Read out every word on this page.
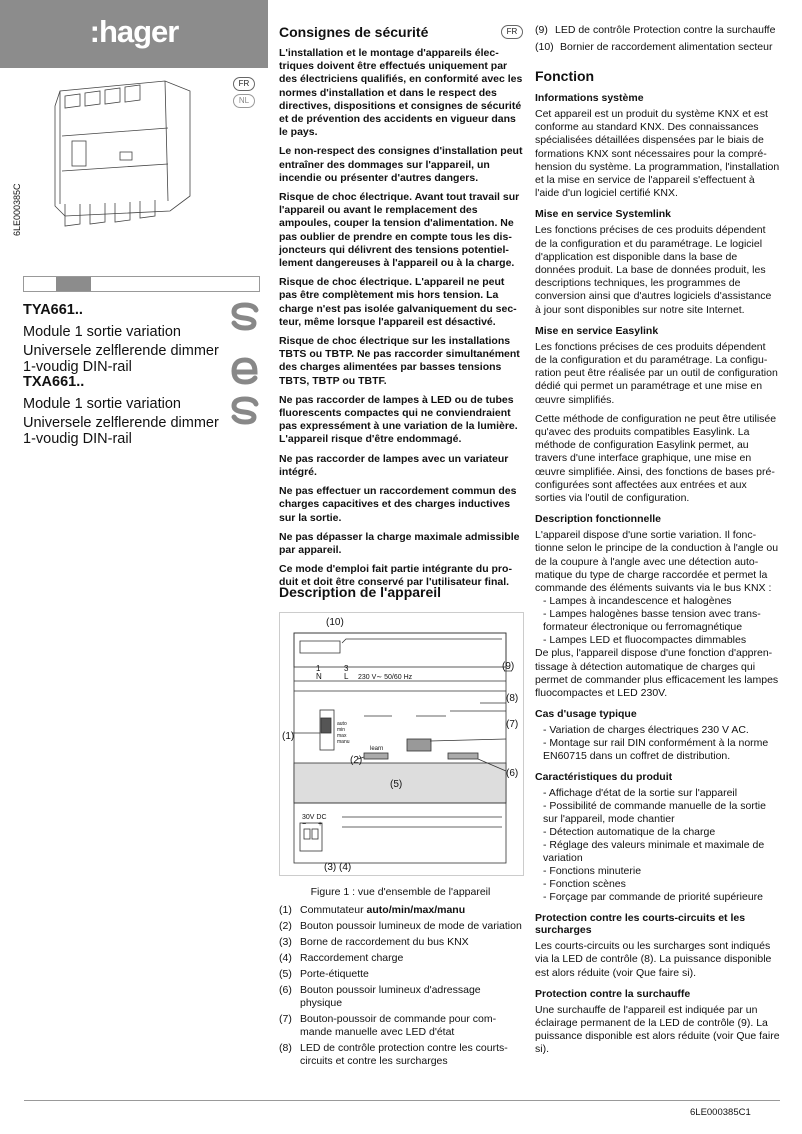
:hager
FR
NL
6LE000385C
TYA661..
Module 1 sortie variation
Universele zelflerende dimmer
1-voudig DIN-rail
TXA661..
Module 1 sortie variation
Universele zelflerende dimmer
1-voudig DIN-rail
Consignes de sécurité	FR

L'installation et le montage d'appareils électriques doivent être effectués uniquement par des électriciens qualifiés, en conformité avec les normes d'installation et dans le respect des directives, dispositions et consignes de sécurité et de prévention des accidents en vigueur dans le pays.

Le non-respect des consignes d'installation peut entraîner des dommages sur l'appareil, un incendie ou présenter d'autres dangers.

Risque de choc électrique. Avant tout travail sur l'appareil ou avant le remplacement des ampoules, couper la tension d'alimentation. Ne pas oublier de prendre en compte tous les disjoncteurs qui délivrent des tensions potentiellement dangereuses à l'appareil ou à la charge.

Risque de choc électrique. L'appareil ne peut pas être complètement mis hors tension. La charge n'est pas isolée galvaniquement du secteur, même lorsque l'appareil est désactivé.

Risque de choc électrique sur les installations TBTS ou TBTP. Ne pas raccorder simultanément des charges alimentées par basses tensions TBTS, TBTP ou TBTF.

Ne pas raccorder de lampes à LED ou de tubes fluorescents compactes qui ne conviendraient pas expressément à une variation de la lumière. L'appareil risque d'être endommagé.

Ne pas raccorder de lampes avec un variateur intégré.

Ne pas effectuer un raccordement commun des charges capacitives et des charges inductives sur la sortie.

Ne pas dépasser la charge maximale admissible par appareil.

Ce mode d'emploi fait partie intégrante du produit et doit être conservé par l'utilisateur final.

Description de l'appareil
1	3
N	L 230 V∼ 50/60 Hz
auto
min
max
manu
learn
30V DC
− +
(10)
(9)
(8)
(7)
(1)
(2)
(5)
(6)
(3) (4)
Figure 1 : vue d'ensemble de l'appareil
(1) Commutateur auto/min/max/manu
(2) Bouton poussoir lumineux de mode de variation
(3) Borne de raccordement du bus KNX
(4) Raccordement charge
(5) Porte-étiquette
(6) Bouton poussoir lumineux d'adressage physique
(7) Bouton-poussoir de commande pour commande manuelle avec LED d'état
(8) LED de contrôle protection contre les courts-circuits et contre les surcharges
(9) LED de contrôle Protection contre la surchauffe
(10) Bornier de raccordement alimentation secteur
Fonction
Informations système

Cet appareil est un produit du système KNX et est conforme au standard KNX. Des connaissances spécialisées détaillées dispensées par le biais de formations KNX sont nécessaires pour la compréhension du système. La programmation, l'installation et la mise en service de l'appareil s'effectuent à l'aide d'un logiciel certifié KNX.

Mise en service Systemlink

Les fonctions précises de ces produits dépendent de la configuration et du paramétrage. Le logiciel d'application est disponible dans la base de données produit. La base de données produit, les descriptions techniques, les programmes de conversion ainsi que d'autres logiciels d'assistance à jour sont disponibles sur notre site Internet.

Mise en service Easylink

Les fonctions précises de ces produits dépendent de la configuration et du paramétrage. La configuration peut être réalisée par un outil de configuration dédié qui permet un paramétrage et une mise en œuvre simplifiés.

Cette méthode de configuration ne peut être utilisée qu'avec des produits compatibles Easylink. La méthode de configuration Easylink permet, au travers d'une interface graphique, une mise en œuvre simplifiée. Ainsi, des fonctions de bases pré-configurées sont affectées aux entrées et aux sorties via l'outil de configuration.

Description fonctionnelle

L'appareil dispose d'une sortie variation. Il fonctionne selon le principe de la conduction à l'angle ou de la coupure à l'angle avec une détection automatique du type de charge raccordée et permet la commande des éléments suivants via le bus KNX :

- Lampes à incandescence et halogènes
- Lampes halogènes basse tension avec transformateur électronique ou ferromagnétique
- Lampes LED et fluocompactes dimmables

De plus, l'appareil dispose d'une fonction d'apprentissage à détection automatique de charges qui permet de commander plus efficacement les lampes fluocompactes et LED 230V.

Cas d'usage typique
- Variation de charges électriques 230 V AC.
- Montage sur rail DIN conformément à la norme EN60715 dans un coffret de distribution.
Caractéristiques du produit
- Affichage d'état de la sortie sur l'appareil
- Possibilité de commande manuelle de la sortie sur l'appareil, mode chantier
- Détection automatique de la charge
- Réglage des valeurs minimale et maximale de variation
- Fonctions minuterie
- Fonction scènes
- Forçage par commande de priorité supérieure
Protection contre les courts-circuits et les surcharges

Les courts-circuits ou les surcharges sont indiqués via la LED de contrôle (8). La puissance disponible est alors réduite (voir Que faire si).

Protection contre la surchauffe

Une surchauffe de l'appareil est indiquée par un éclairage permanent de la LED de contrôle (9). La puissance disponible est alors réduite (voir Que faire si).

6LE000385C1
